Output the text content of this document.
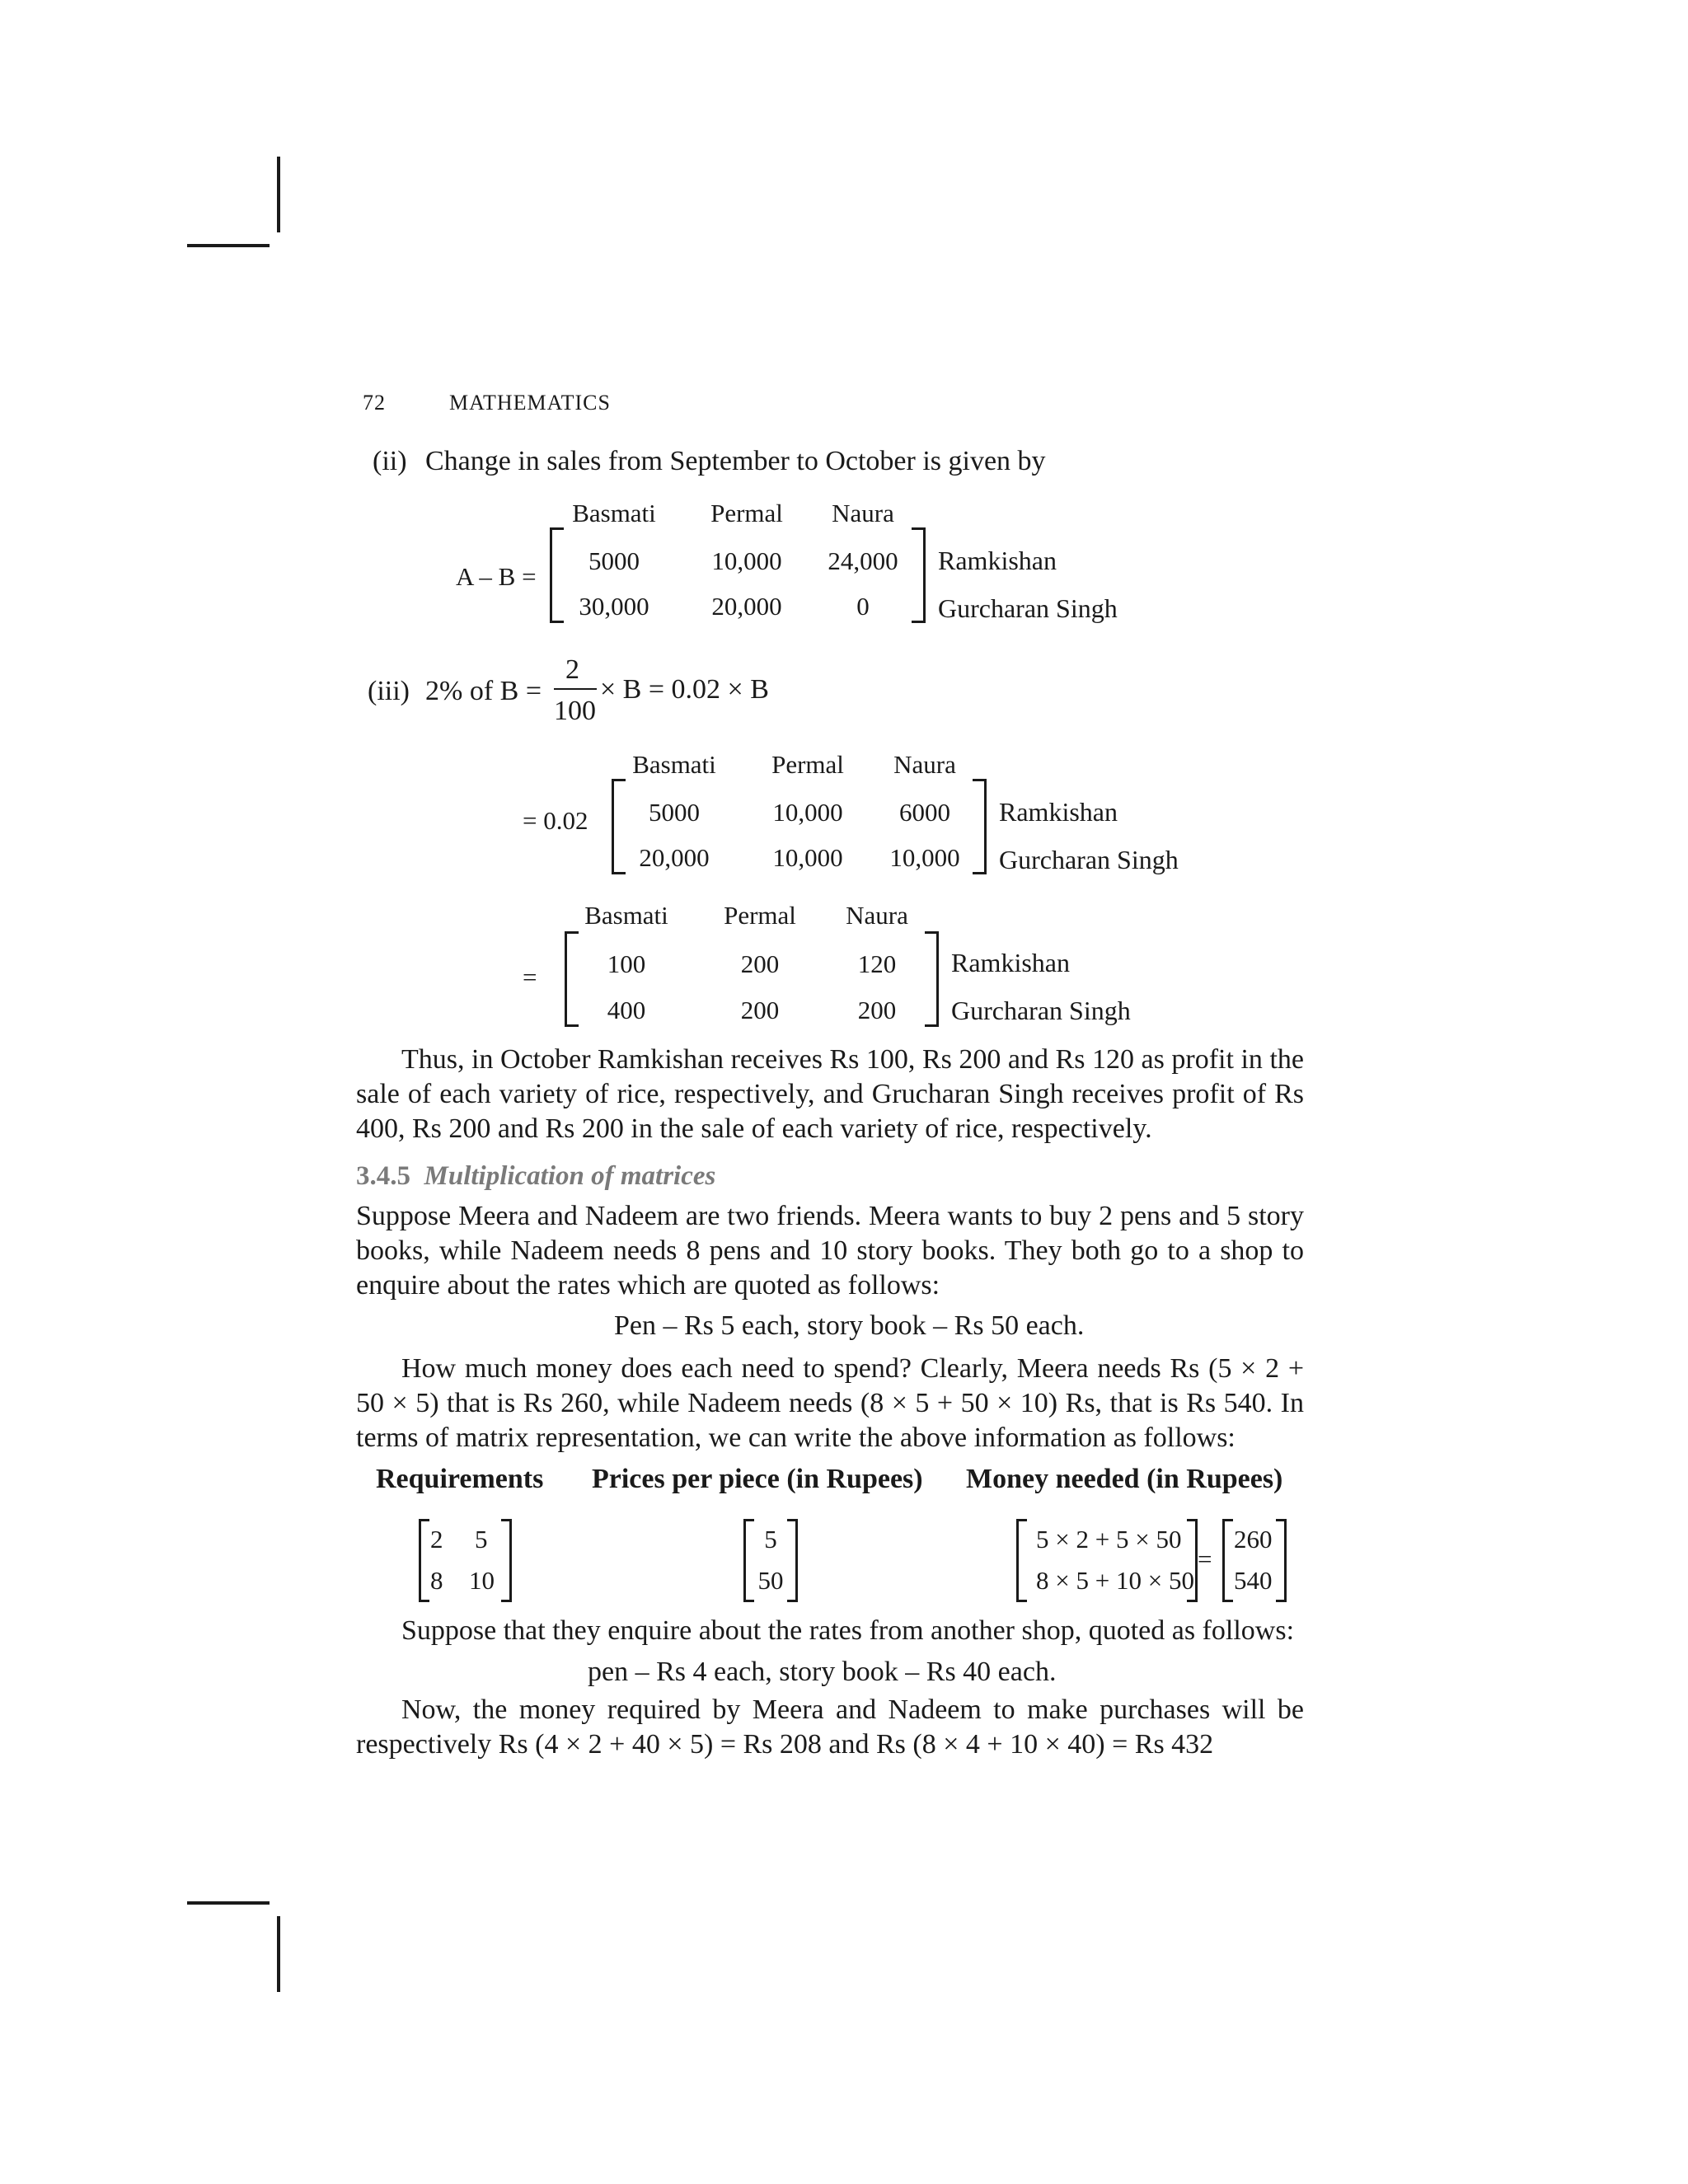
72	MATHEMATICS
(ii) Change in sales from September to October is given by
A – B =
Basmati	Permal	Naura
5000	10,000	24,000
30,000	20,000	0
Ramkishan
Gurcharan Singh
(iii) 2% of B =
2
100
× B = 0.02 × B
= 0.02
Basmati	Permal	Naura
5000	10,000	6000
20,000	10,000	10,000
Ramkishan
Gurcharan Singh
=
Basmati	Permal	Naura
100	200	120
400	200	200
Ramkishan
Gurcharan Singh
Thus, in October Ramkishan receives Rs 100, Rs 200 and Rs 120 as profit in the sale of each variety of rice, respectively, and Grucharan Singh receives profit of Rs 400, Rs 200 and Rs 200 in the sale of each variety of rice, respectively.
3.4.5 Multiplication of matrices
Suppose Meera and Nadeem are two friends. Meera wants to buy 2 pens and 5 story books, while Nadeem needs 8 pens and 10 story books. They both go to a shop to enquire about the rates which are quoted as follows:
Pen – Rs 5 each, story book – Rs 50 each.
How much money does each need to spend? Clearly, Meera needs Rs (5 × 2 + 50 × 5) that is Rs 260, while Nadeem needs (8 × 5 + 50 × 10) Rs, that is Rs 540. In terms of matrix representation, we can write the above information as follows:
Requirements Prices per piece (in Rupees) Money needed (in Rupees)
2 5
8 10
5
50
5 × 2 + 5 × 50
8 × 5 + 10 × 50
=
260
540
Suppose that they enquire about the rates from another shop, quoted as follows:
pen – Rs 4 each, story book – Rs 40 each.
Now, the money required by Meera and Nadeem to make purchases will be respectively Rs (4 × 2 + 40 × 5) = Rs 208 and Rs (8 × 4 + 10 × 40) = Rs 432
